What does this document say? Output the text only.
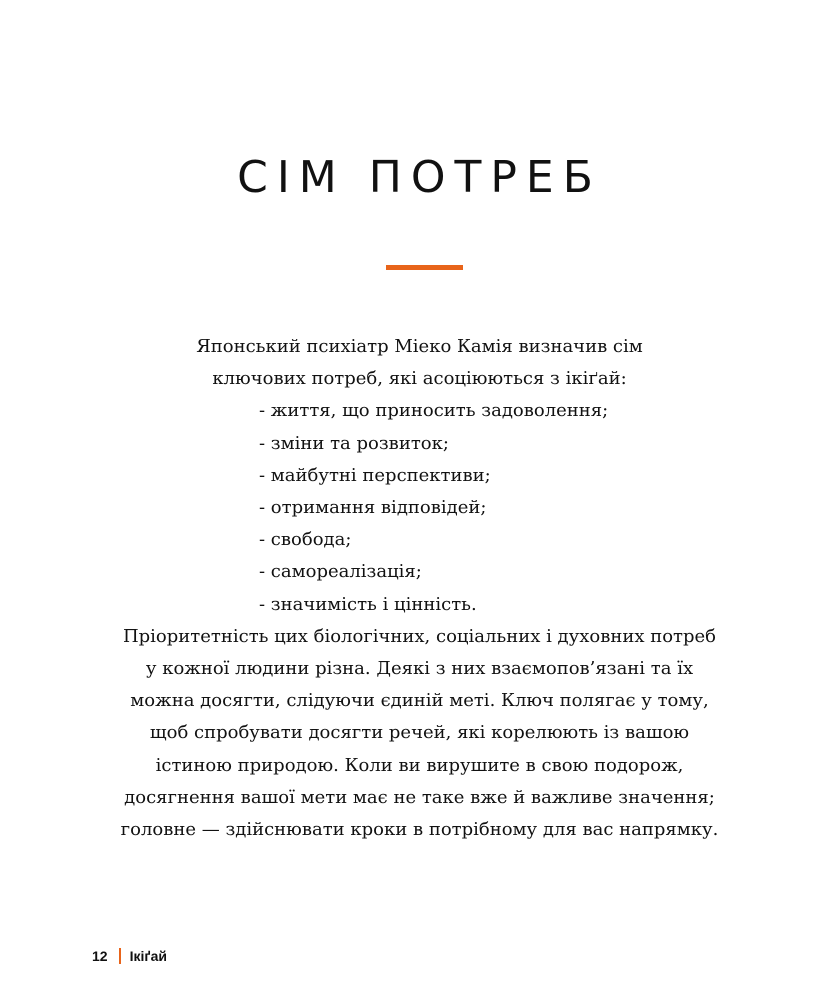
СІМ ПОТРЕБ

Японський психіатр Міеко Камія визначив сім

ключових потреб, які асоціюються з ікіґай:

- життя, що приносить задоволення;

- зміни та розвиток;

- майбутні перспективи;

- отримання відповідей;

- свобода;

- самореалізація;

- значимість і цінність.

Пріоритетність цих біологічних, соціальних і духовних потреб

у кожної людини різна. Деякі з них взаємопов’язані та їх

можна досягти, слідуючи єдиній меті. Ключ полягає у тому,

щоб спробувати досягти речей, які корелюють із вашою

істиною природою. Коли ви вирушите в свою подорож,

досягнення вашої мети має не таке вже й важливе значення;

головне — здійснювати кроки в потрібному для вас напрямку.

12 Ікіґай
